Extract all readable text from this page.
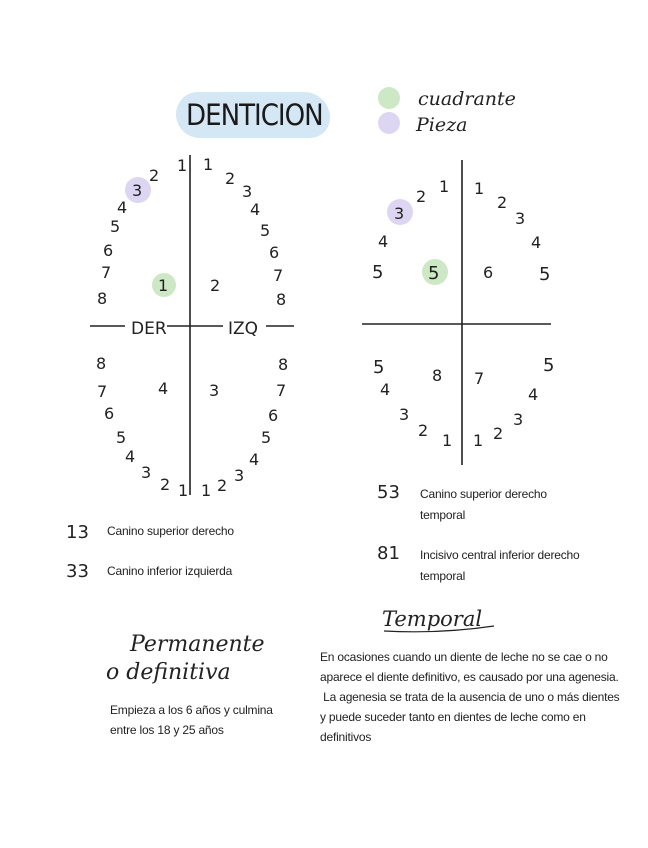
DENTICION	cuadrante
Pieza
DER	IZQ
1
2
3
4
5
6
7
8
1
2
3
4
5
6
7
8
8
7
6
5
4
3
2 1
8
7
6
5
4
3
2
1
1	2
4	3
1
2
3
4
5
1
2
3
4
5
5
4
3
2
1
5
4
3
2
1
5	6
8 7
13 Canino superior derecho
33 Canino inferior izquierda
53 Canino superior derecho
temporal
81 Incisivo central inferior derecho
temporal
Permanente
o definitiva
Empieza a los 6 años y culmina
entre los 18 y 25 años
Temporal
En ocasiones cuando un diente de leche no se cae o no
aparece el diente definitivo, es causado por una agenesia.
La agenesia se trata de la ausencia de uno o más dientes
y puede suceder tanto en dientes de leche como en
definitivos
